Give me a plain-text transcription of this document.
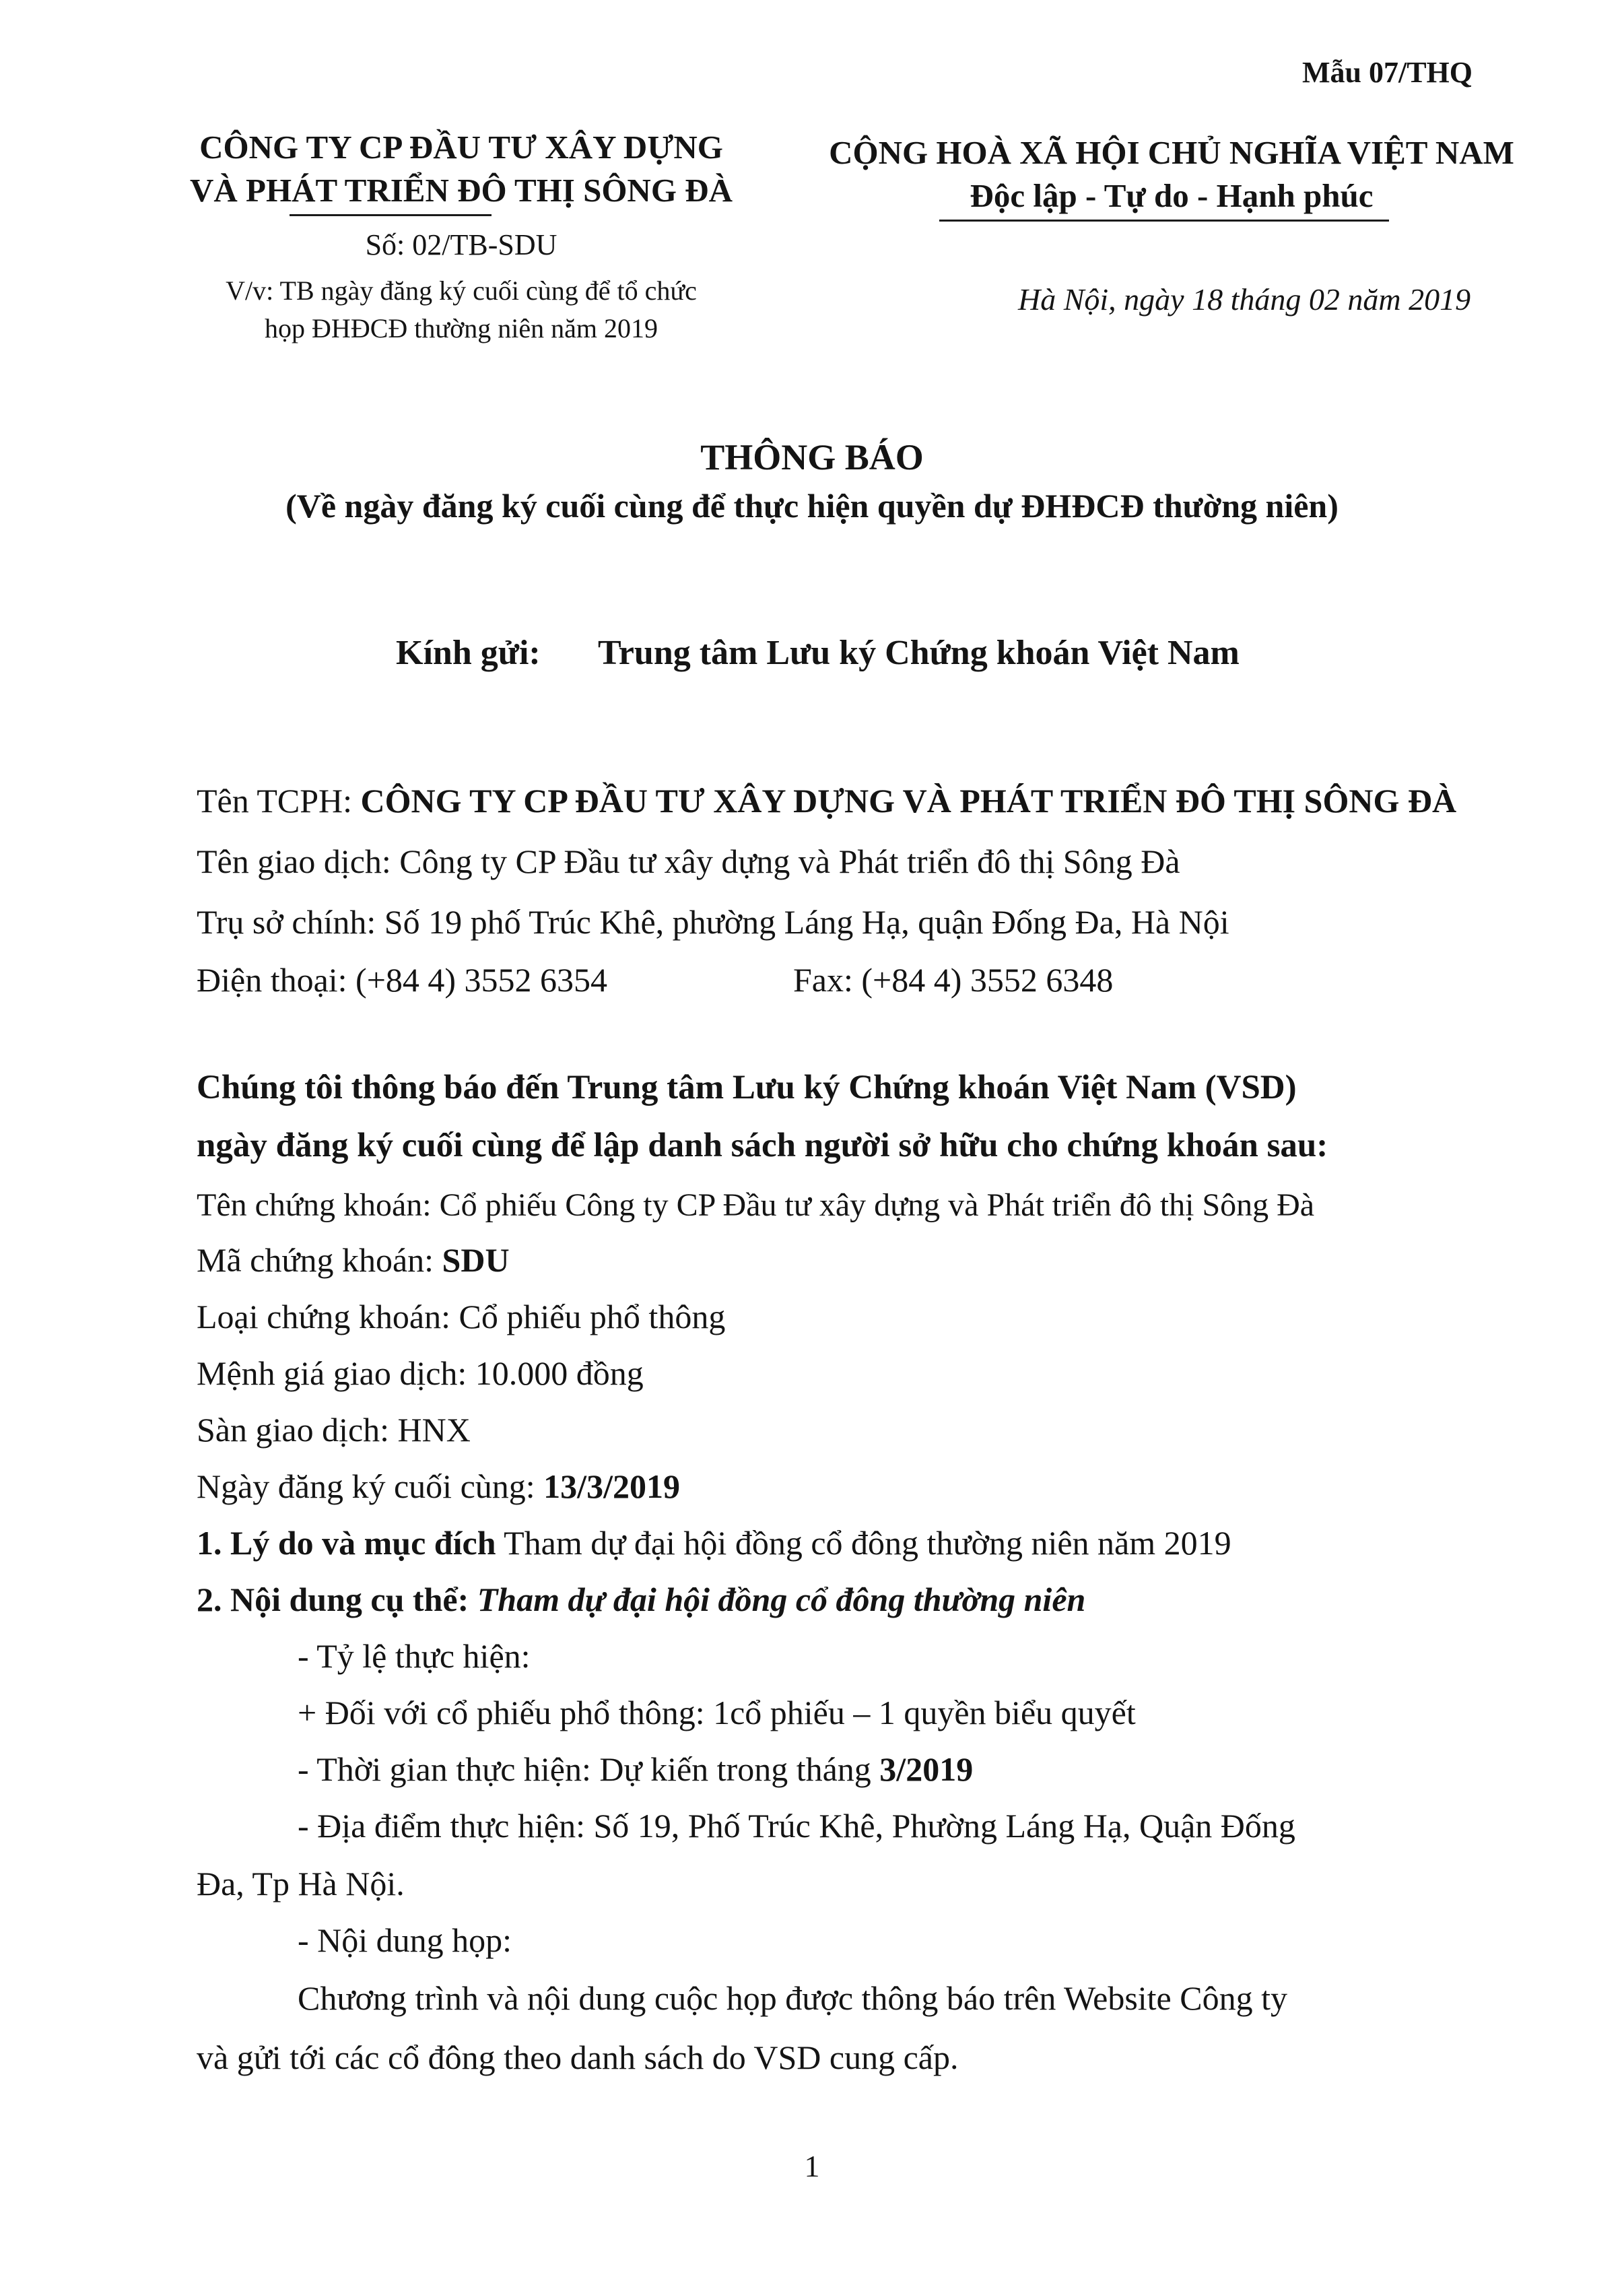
Mẫu 07/THQ
CÔNG TY CP ĐẦU TƯ XÂY DỰNG
VÀ PHÁT TRIỂN ĐÔ THỊ SÔNG ĐÀ
Số: 02/TB-SDU
V/v: TB ngày đăng ký cuối cùng để tổ chức
họp ĐHĐCĐ thường niên năm 2019
CỘNG HOÀ XÃ HỘI CHỦ NGHĨA VIỆT NAM
Độc lập - Tự do - Hạnh phúc
Hà Nội, ngày 18 tháng 02 năm 2019
THÔNG BÁO
(Về ngày đăng ký cuối cùng để thực hiện quyền dự ĐHĐCĐ thường niên)
Kính gửi: Trung tâm Lưu ký Chứng khoán Việt Nam
Tên TCPH: CÔNG TY CP ĐẦU TƯ XÂY DỰNG VÀ PHÁT TRIỂN ĐÔ THỊ SÔNG ĐÀ
Tên giao dịch: Công ty CP Đầu tư xây dựng và Phát triển đô thị Sông Đà
Trụ sở chính: Số 19 phố Trúc Khê, phường Láng Hạ, quận Đống Đa, Hà Nội
Điện thoại: (+84 4) 3552 6354	Fax: (+84 4) 3552 6348
Chúng tôi thông báo đến Trung tâm Lưu ký Chứng khoán Việt Nam (VSD)
ngày đăng ký cuối cùng để lập danh sách người sở hữu cho chứng khoán sau:
Tên chứng khoán: Cổ phiếu Công ty CP Đầu tư xây dựng và Phát triển đô thị Sông Đà
Mã chứng khoán: SDU
Loại chứng khoán: Cổ phiếu phổ thông
Mệnh giá giao dịch: 10.000 đồng
Sàn giao dịch: HNX
Ngày đăng ký cuối cùng: 13/3/2019
1. Lý do và mục đích Tham dự đại hội đồng cổ đông thường niên năm 2019
2. Nội dung cụ thể: Tham dự đại hội đồng cổ đông thường niên
- Tỷ lệ thực hiện:
+ Đối với cổ phiếu phổ thông: 1cổ phiếu – 1 quyền biểu quyết
- Thời gian thực hiện: Dự kiến trong tháng 3/2019
- Địa điểm thực hiện: Số 19, Phố Trúc Khê, Phường Láng Hạ, Quận Đống
Đa, Tp Hà Nội.
- Nội dung họp:
Chương trình và nội dung cuộc họp được thông báo trên Website Công ty
và gửi tới các cổ đông theo danh sách do VSD cung cấp.
1
